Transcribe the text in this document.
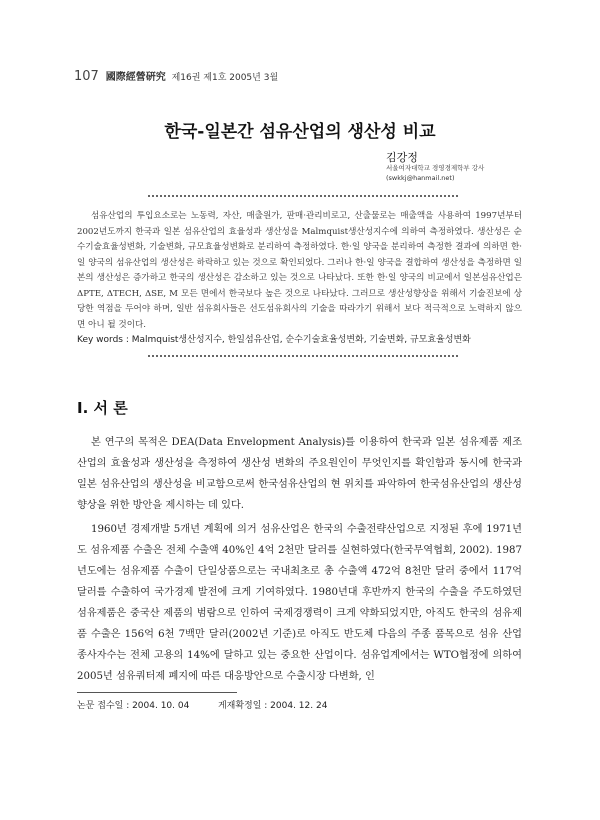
107 國際經營硏究 제16권 제1호 2005년 3월
한국-일본간 섬유산업의 생산성 비교
김강정
서울여자대학교 경영경제학부 강사
(swkkj@hanmail.net)
섬유산업의 투입요소로는 노동력, 자산, 매출원가, 판매·관리비로고, 산출물로는 매출액을 사용하여 1997년부터 2002년도까지 한국과 일본 섬유산업의 효율성과 생산성을 Malmquist생산성지수에 의하여 측정하였다. 생산성은 순수기술효율성변화, 기술변화, 규모효율성변화로 분리하여 측정하였다. 한·일 양국을 분리하여 측정한 결과에 의하면 한·일 양국의 섬유산업의 생산성은 하락하고 있는 것으로 확인되었다. 그러나 한·일 양국을 결합하여 생산성을 측정하면 일본의 생산성은 증가하고 한국의 생산성은 감소하고 있는 것으로 나타났다. 또한 한·일 양국의 비교에서 일본섬유산업은 ΔPTE, ΔTECH, ΔSE, M 모든 면에서 한국보다 높은 것으로 나타났다. 그러므로 생산성향상을 위해서 기술진보에 상당한 역점을 두어야 하며, 일반 섬유회사들은 선도섬유회사의 기술을 따라가기 위해서 보다 적극적으로 노력하지 않으면 아니 될 것이다.
Key words : Malmquist생산성지수, 한일섬유산업, 순수기술효율성변화, 기술변화, 규모효율성변화
Ⅰ. 서 론

본 연구의 목적은 DEA(Data Envelopment Analysis)를 이용하여 한국과 일본 섬유제품 제조산업의 효율성과 생산성을 측정하여 생산성 변화의 주요원인이 무엇인지를 확인함과 동시에 한국과 일본 섬유산업의 생산성을 비교함으로써 한국섬유산업의 현 위치를 파악하여 한국섬유산업의 생산성향상을 위한 방안을 제시하는 데 있다.

1960년 경제개발 5개년 계획에 의거 섬유산업은 한국의 수출전략산업으로 지정된 후에 1971년도 섬유제품 수출은 전체 수출액 40%인 4억 2천만 달러를 실현하였다(한국무역협회, 2002). 1987년도에는 섬유제품 수출이 단일상품으로는 국내최초로 총 수출액 472억 8천만 달러 중에서 117억 달러를 수출하여 국가경제 발전에 크게 기여하였다. 1980년대 후반까지 한국의 수출을 주도하였던 섬유제품은 중국산 제품의 범람으로 인하여 국제경쟁력이 크게 약화되었지만, 아직도 한국의 섬유제품 수출은 156억 6천 7백만 달러(2002년 기준)로 아직도 반도체 다음의 주종 품목으로 섬유 산업 종사자수는 전체 고용의 14%에 달하고 있는 중요한 산업이다. 섬유업계에서는 WTO협정에 의하여 2005년 섬유쿼터제 폐지에 따른 대응방안으로 수출시장 다변화, 인

논문 접수일 : 2004. 10. 04	게재확정일 : 2004. 12. 24
